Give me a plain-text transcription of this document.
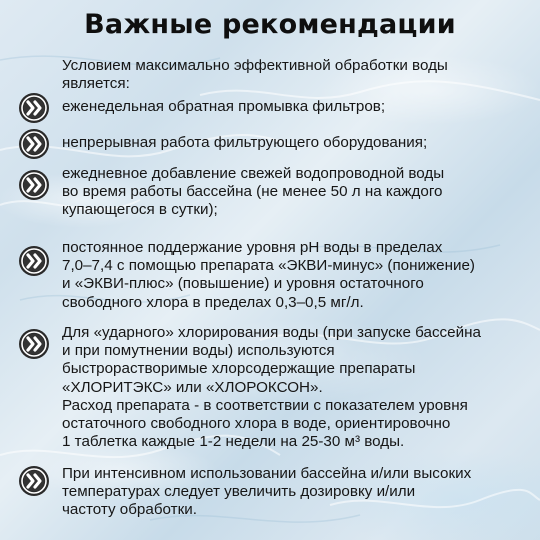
Важные рекомендации
Условием максимально эффективной обработки воды
является:
еженедельная обратная промывка фильтров;
непрерывная работа фильтрующего оборудования;
ежедневное добавление свежей водопроводной воды
во время работы бассейна (не менее 50 л на каждого
купающегося в сутки);
постоянное поддержание уровня рН воды в пределах
7,0–7,4 с помощью препарата «ЭКВИ-минус» (понижение)
и «ЭКВИ-плюс» (повышение) и уровня остаточного
свободного хлора в пределах 0,3–0,5 мг/л.
Для «ударного» хлорирования воды (при запуске бассейна
и при помутнении воды) используются
быстрорастворимые хлорсодержащие препараты
«ХЛОРИТЭКС» или «ХЛОРОКСОН».
Расход препарата - в соответствии с показателем уровня
остаточного свободного хлора в воде, ориентировочно
1 таблетка каждые 1-2 недели на 25-30 м³ воды.
При интенсивном использовании бассейна и/или высоких
температурах следует увеличить дозировку и/или
частоту обработки.
